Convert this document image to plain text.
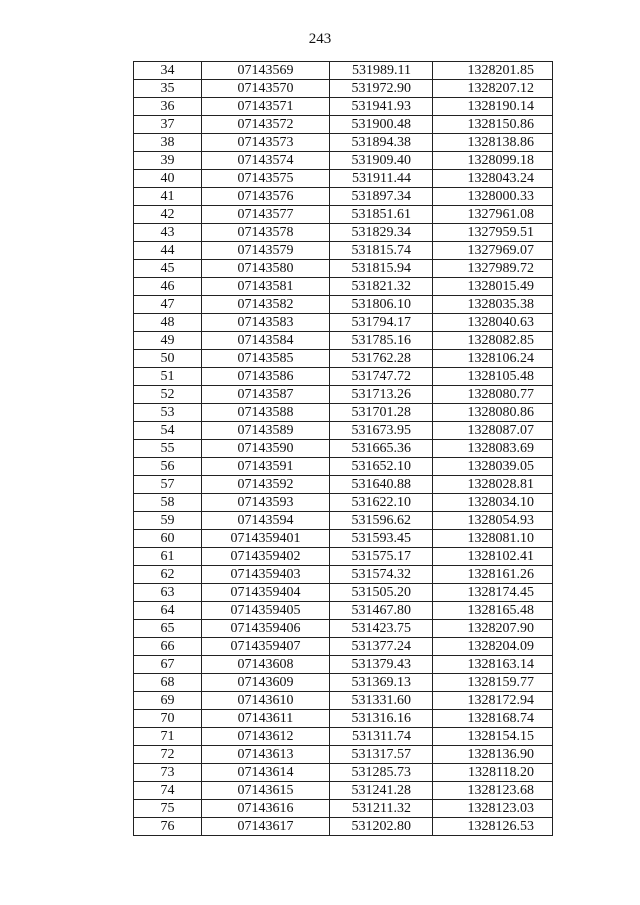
243
34	07143569	531989.11	1328201.85
35	07143570	531972.90	1328207.12
36	07143571	531941.93	1328190.14
37	07143572	531900.48	1328150.86
38	07143573	531894.38	1328138.86
39	07143574	531909.40	1328099.18
40	07143575	531911.44	1328043.24
41	07143576	531897.34	1328000.33
42	07143577	531851.61	1327961.08
43	07143578	531829.34	1327959.51
44	07143579	531815.74	1327969.07
45	07143580	531815.94	1327989.72
46	07143581	531821.32	1328015.49
47	07143582	531806.10	1328035.38
48	07143583	531794.17	1328040.63
49	07143584	531785.16	1328082.85
50	07143585	531762.28	1328106.24
51	07143586	531747.72	1328105.48
52	07143587	531713.26	1328080.77
53	07143588	531701.28	1328080.86
54	07143589	531673.95	1328087.07
55	07143590	531665.36	1328083.69
56	07143591	531652.10	1328039.05
57	07143592	531640.88	1328028.81
58	07143593	531622.10	1328034.10
59	07143594	531596.62	1328054.93
60	0714359401	531593.45	1328081.10
61	0714359402	531575.17	1328102.41
62	0714359403	531574.32	1328161.26
63	0714359404	531505.20	1328174.45
64	0714359405	531467.80	1328165.48
65	0714359406	531423.75	1328207.90
66	0714359407	531377.24	1328204.09
67	07143608	531379.43	1328163.14
68	07143609	531369.13	1328159.77
69	07143610	531331.60	1328172.94
70	07143611	531316.16	1328168.74
71	07143612	531311.74	1328154.15
72	07143613	531317.57	1328136.90
73	07143614	531285.73	1328118.20
74	07143615	531241.28	1328123.68
75	07143616	531211.32	1328123.03
76	07143617	531202.80	1328126.53
